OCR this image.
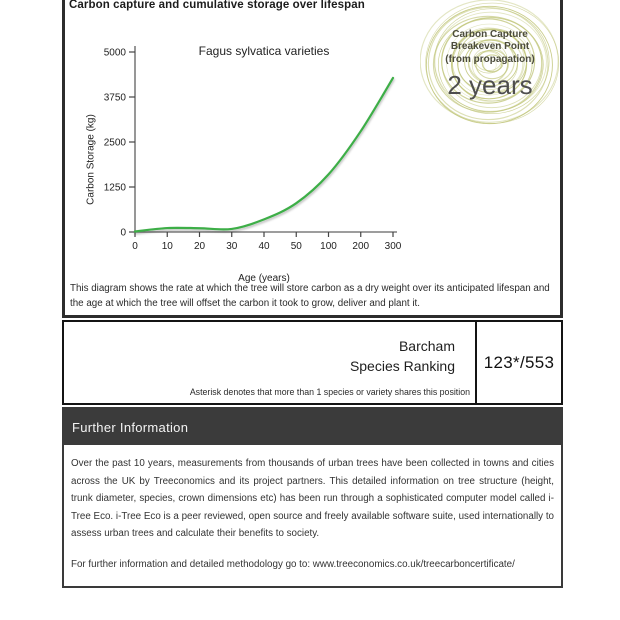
Carbon capture and cumulative storage over lifespan
0
1250
2500
3750
5000
0 10 20 30 40 50 100 200 300
Fagus sylvatica varieties
Carbon Storage (kg)
Age (years)
Carbon Capture
Breakeven Point
(from propagation)
2 years
This diagram shows the rate at which the tree will store carbon as a dry weight over its anticipated lifespan and the age at which the tree will offset the carbon it took to grow, deliver and plant it.
Barcham
Species Ranking
Asterisk denotes that more than 1 species or variety shares this position
123*/553
Further Information

Over the past 10 years, measurements from thousands of urban trees have been collected in towns and cities across the UK by Treeconomics and its project partners. This detailed information on tree structure (height, trunk diameter, species, crown dimensions etc) has been run through a sophisticated computer model called i-Tree Eco. i-Tree Eco is a peer reviewed, open source and freely available software suite, used internationally to assess urban trees and calculate their benefits to society.

For further information and detailed methodology go to: www.treeconomics.co.uk/treecarboncertificate/
